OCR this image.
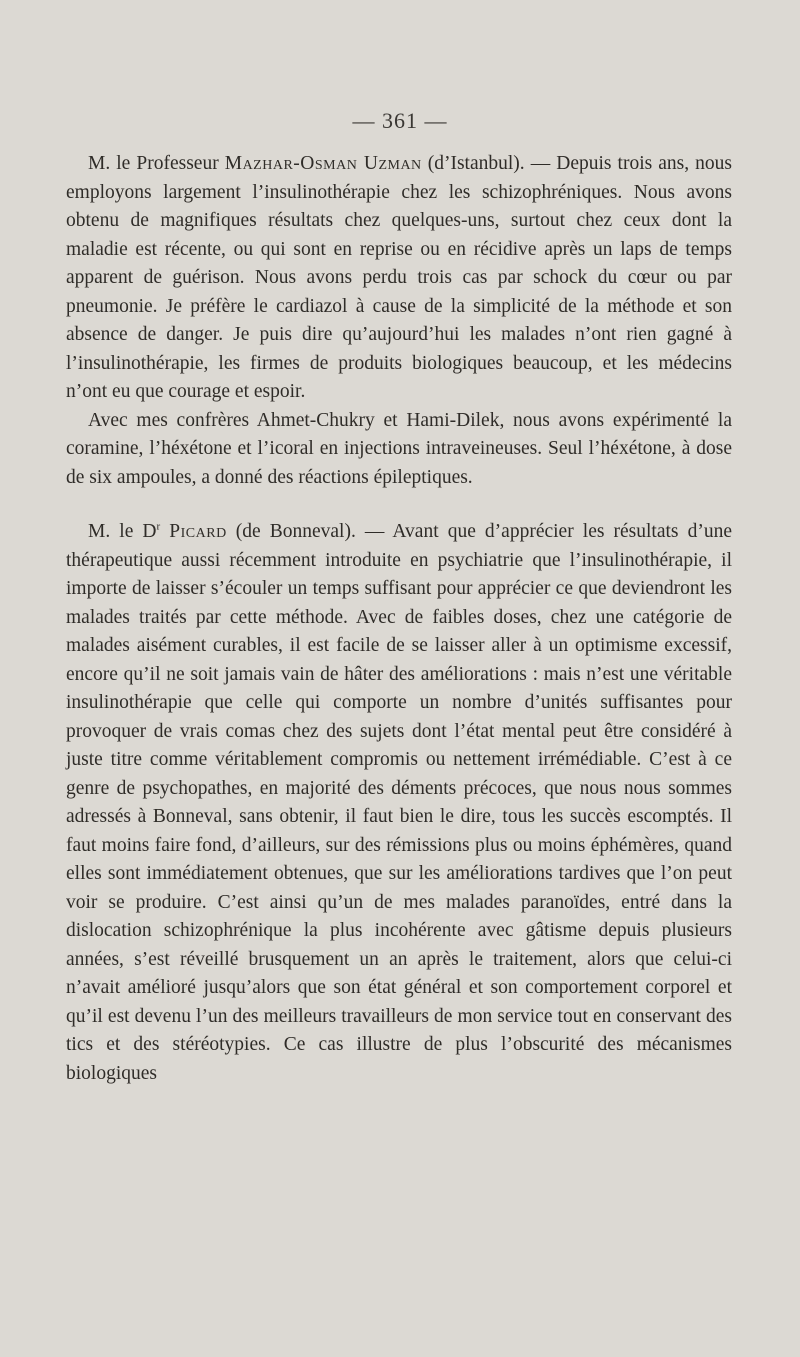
— 361 —

M. le Professeur Mazhar-Osman Uzman (d’Istanbul). — Depuis trois ans, nous employons largement l’insulinothérapie chez les schizophréniques. Nous avons obtenu de magnifiques résultats chez quelques-uns, surtout chez ceux dont la maladie est récente, ou qui sont en reprise ou en récidive après un laps de temps apparent de guérison. Nous avons perdu trois cas par schock du cœur ou par pneumonie. Je préfère le cardiazol à cause de la simplicité de la méthode et son absence de danger. Je puis dire qu’aujourd’hui les malades n’ont rien gagné à l’insulinothérapie, les firmes de produits biologiques beaucoup, et les médecins n’ont eu que courage et espoir.

Avec mes confrères Ahmet-Chukry et Hami-Dilek, nous avons expérimenté la coramine, l’héxétone et l’icoral en injections intraveineuses. Seul l’héxétone, à dose de six ampoules, a donné des réactions épileptiques.

M. le $D^r$ Picard (de Bonneval). — Avant que d’apprécier les résultats d’une thérapeutique aussi récemment introduite en psychiatrie que l’insulinothérapie, il importe de laisser s’écouler un temps suffisant pour apprécier ce que deviendront les malades traités par cette méthode. Avec de faibles doses, chez une catégorie de malades aisément curables, il est facile de se laisser aller à un optimisme excessif, encore qu’il ne soit jamais vain de hâter des améliorations : mais n’est une véritable insulinothérapie que celle qui comporte un nombre d’unités suffisantes pour provoquer de vrais comas chez des sujets dont l’état mental peut être considéré à juste titre comme véritablement compromis ou nettement irrémédiable. C’est à ce genre de psychopathes, en majorité des déments précoces, que nous nous sommes adressés à Bonneval, sans obtenir, il faut bien le dire, tous les succès escomptés. Il faut moins faire fond, d’ailleurs, sur des rémissions plus ou moins éphémères, quand elles sont immédiatement obtenues, que sur les améliorations tardives que l’on peut voir se produire. C’est ainsi qu’un de mes malades paranoïdes, entré dans la dislocation schizophrénique la plus incohérente avec gâtisme depuis plusieurs années, s’est réveillé brusquement un an après le traitement, alors que celui-ci n’avait amélioré jusqu’alors que son état général et son comportement corporel et qu’il est devenu l’un des meilleurs travailleurs de mon service tout en conservant des tics et des stéréotypies. Ce cas illustre de plus l’obscurité des mécanismes biologiques
